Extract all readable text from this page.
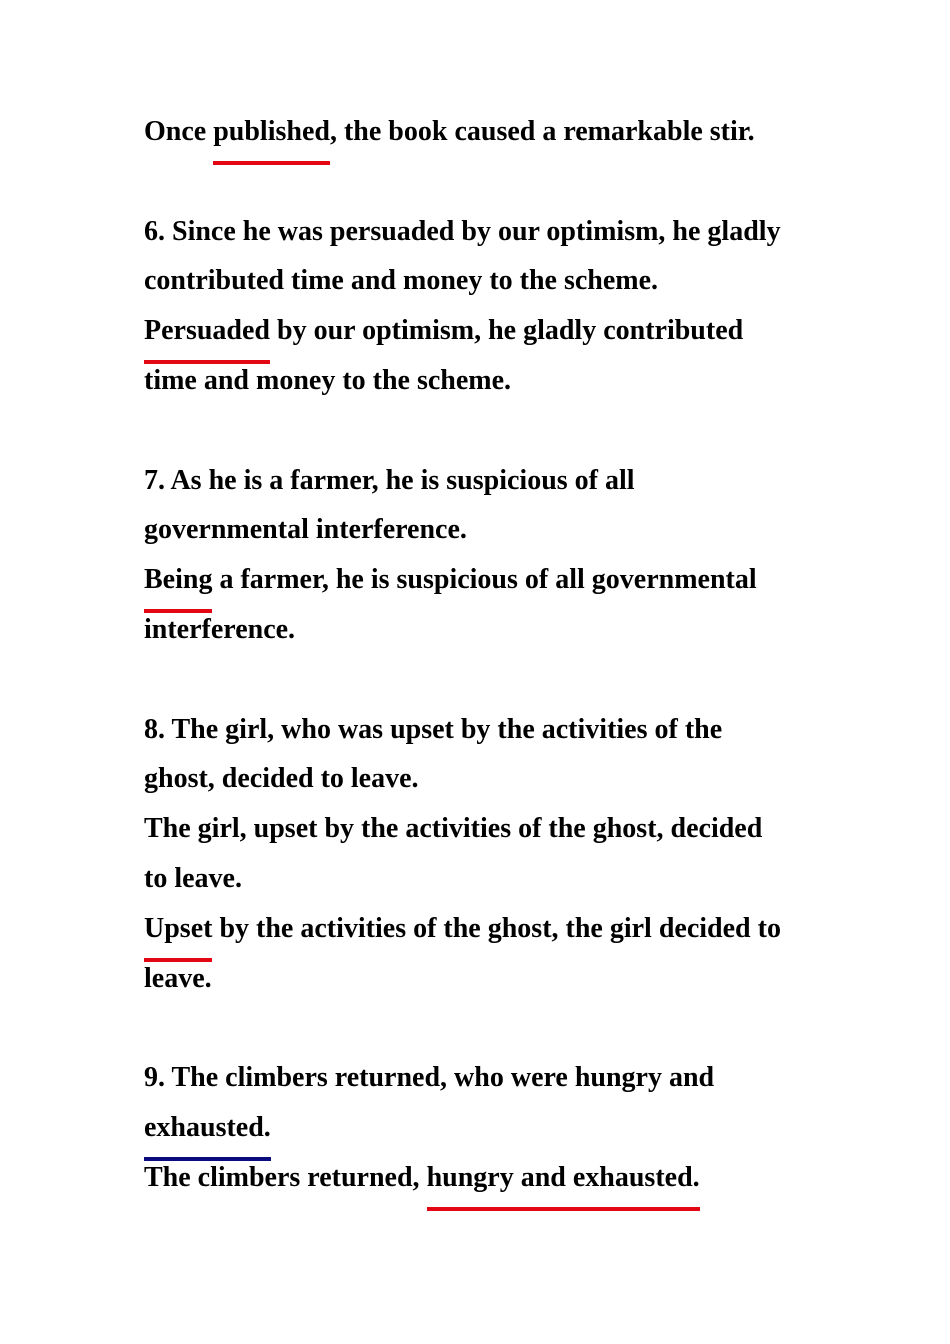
Once published, the book caused a remarkable stir.
6. Since he was persuaded by our optimism, he gladly
contributed time and money to the scheme.
Persuaded by our optimism, he gladly contributed
time and money to the scheme.
7. As he is a farmer, he is suspicious of all
governmental interference.
Being a farmer, he is suspicious of all governmental
interference.
8. The girl, who was upset by the activities of the
ghost, decided to leave.
The girl, upset by the activities of the ghost, decided
to leave.
Upset by the activities of the ghost, the girl decided to
leave.
9. The climbers returned, who were hungry and
exhausted.
The climbers returned, hungry and exhausted.
